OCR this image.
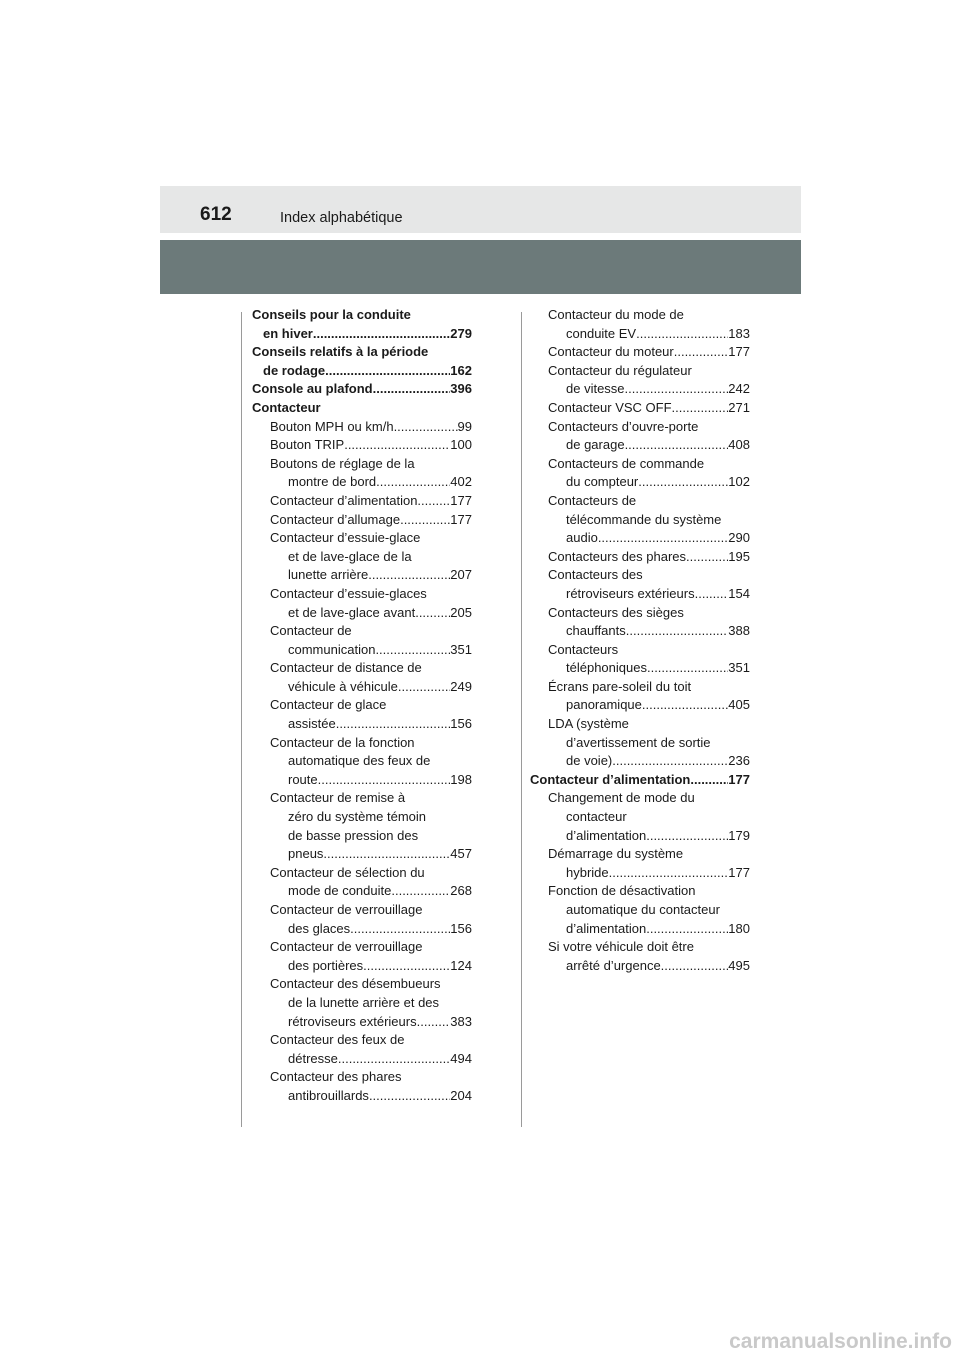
612	Index alphabétique
Conseils pour la conduite
en hiver .....	279
Conseils relatifs à la période
de rodage .....	162
Console au plafond .....	396
Contacteur
Bouton MPH ou km/h .....	99
Bouton TRIP .....	100
Boutons de réglage de la
montre de bord .....	402
Contacteur d’alimentation .....	177
Contacteur d’allumage .....	177
Contacteur d’essuie-glace
et de lave-glace de la
lunette arrière .....	207
Contacteur d’essuie-glaces
et de lave-glace avant .....	205
Contacteur de
communication .....	351
Contacteur de distance de
véhicule à véhicule .....	249
Contacteur de glace
assistée .....	156
Contacteur de la fonction
automatique des feux de
route .....	198
Contacteur de remise à
zéro du système témoin
de basse pression des
pneus .....	457
Contacteur de sélection du
mode de conduite .....	268
Contacteur de verrouillage
des glaces .....	156
Contacteur de verrouillage
des portières .....	124
Contacteur des désembueurs
de la lunette arrière et des
rétroviseurs extérieurs .....	383
Contacteur des feux de
détresse .....	494
Contacteur des phares
antibrouillards .....	204
Contacteur du mode de
conduite EV .....	183
Contacteur du moteur .....	177
Contacteur du régulateur
de vitesse .....	242
Contacteur VSC OFF .....	271
Contacteurs d’ouvre-porte
de garage .....	408
Contacteurs de commande
du compteur .....	102
Contacteurs de
télécommande du système
audio .....	290
Contacteurs des phares .....	195
Contacteurs des
rétroviseurs extérieurs .....	154
Contacteurs des sièges
chauffants .....	388
Contacteurs
téléphoniques .....	351
Écrans pare-soleil du toit
panoramique .....	405
LDA (système
d’avertissement de sortie
de voie) .....	236
Contacteur d’alimentation .....	177
Changement de mode du
contacteur
d’alimentation .....	179
Démarrage du système
hybride .....	177
Fonction de désactivation
automatique du contacteur
d’alimentation .....	180
Si votre véhicule doit être
arrêté d’urgence .....	495
carmanualsonline.info
